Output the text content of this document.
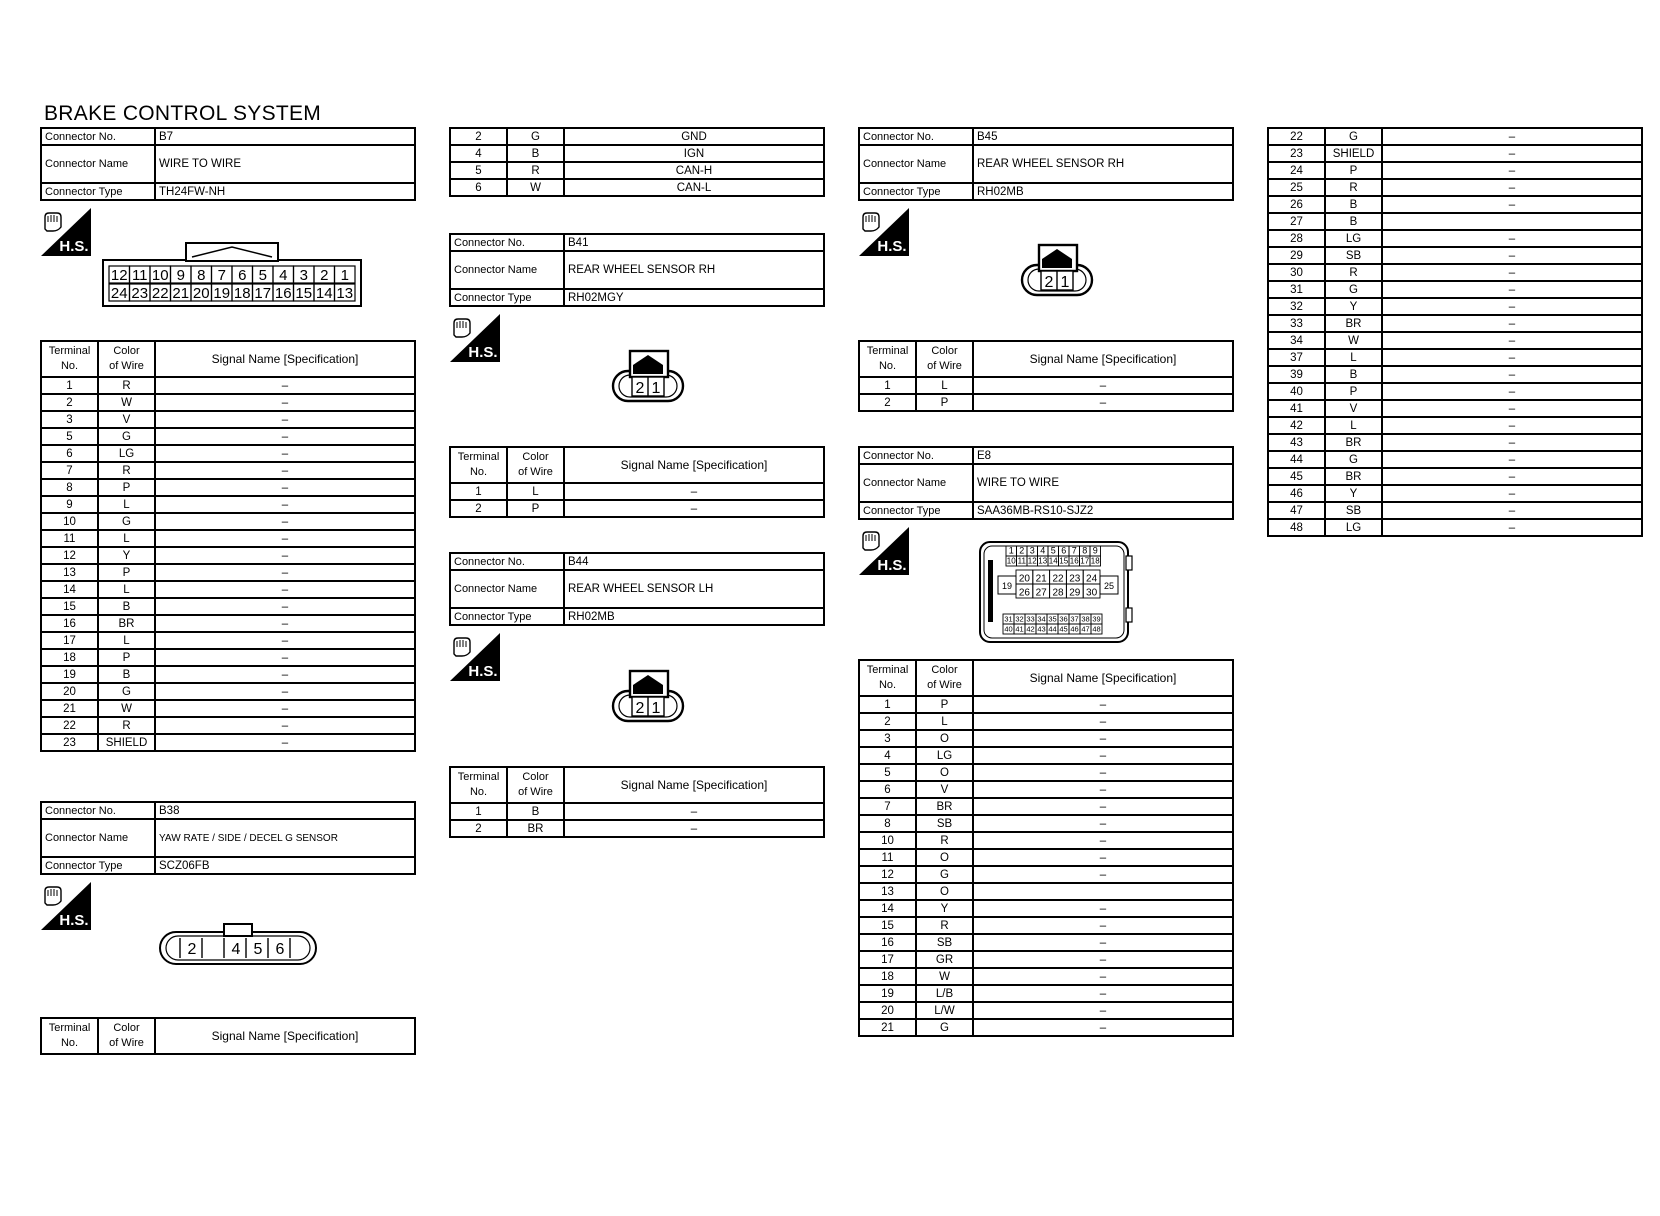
BRAKE CONTROL SYSTEM
Connector No.	B7
Connector Name	WIRE TO WIRE
Connector Type	TH24FW-NH
H.S.
12 11 10 9 8 7 6 5 4 3 2 1
24 23 22 21 20 19 18 17 16 15 14 13
Terminal
No.	Color
of Wire	Signal Name [Specification]
1	R	–
2	W	–
3	V	–
5	G	–
6	LG	–
7	R	–
8	P	–
9	L	–
10	G	–
11	L	–
12	Y	–
13	P	–
14	L	–
15	B	–
16	BR	–
17	L	–
18	P	–
19	B	–
20	G	–
21	W	–
22	R	–
23	SHIELD	–
Connector No.	B38
Connector Name	YAW RATE / SIDE / DECEL G SENSOR
Connector Type	SCZ06FB
H.S.
2 4 5 6
Terminal
No.	Color
of Wire	Signal Name [Specification]
2	G	GND
4	B	IGN
5	R	CAN-H
6	W	CAN-L
Connector No.	B41
Connector Name	REAR WHEEL SENSOR RH
Connector Type	RH02MGY
H.S.
2 1
Terminal
No.	Color
of Wire	Signal Name [Specification]
1	L	–
2	P	–
Connector No.	B44
Connector Name	REAR WHEEL SENSOR LH
Connector Type	RH02MB
H.S.
2 1
Terminal
No.	Color
of Wire	Signal Name [Specification]
1	B	–
2	BR	–
Connector No.	B45
Connector Name	REAR WHEEL SENSOR RH
Connector Type	RH02MB
H.S.
2 1
Terminal
No.	Color
of Wire	Signal Name [Specification]
1	L	–
2	P	–
Connector No.	E8
Connector Name	WIRE TO WIRE
Connector Type	SAA36MB-RS10-SJZ2
H.S.
1 2 3 4 5 6 7 8 9
10 11 12 13 14 15 16 17 18
19	25
20 21 22 23 24
26 27 28 29 30
31 32 33 34 35 36 37 38 39
40 41 42 43 44 45 46 47 48
Terminal
No.	Color
of Wire	Signal Name [Specification]
1	P	–
2	L	–
3	O	–
4	LG	–
5	O	–
6	V	–
7	BR	–
8	SB	–
10	R	–
11	O	–
12	G	–
13	O	
14	Y	–
15	R	–
16	SB	–
17	GR	–
18	W	–
19	L/B	–
20	L/W	–
21	G	–
22	G	–
23	SHIELD	–
24	P	–
25	R	–
26	B	–
27	B	
28	LG	–
29	SB	–
30	R	–
31	G	–
32	Y	–
33	BR	–
34	W	–
37	L	–
39	B	–
40	P	–
41	V	–
42	L	–
43	BR	–
44	G	–
45	BR	–
46	Y	–
47	SB	–
48	LG	–
